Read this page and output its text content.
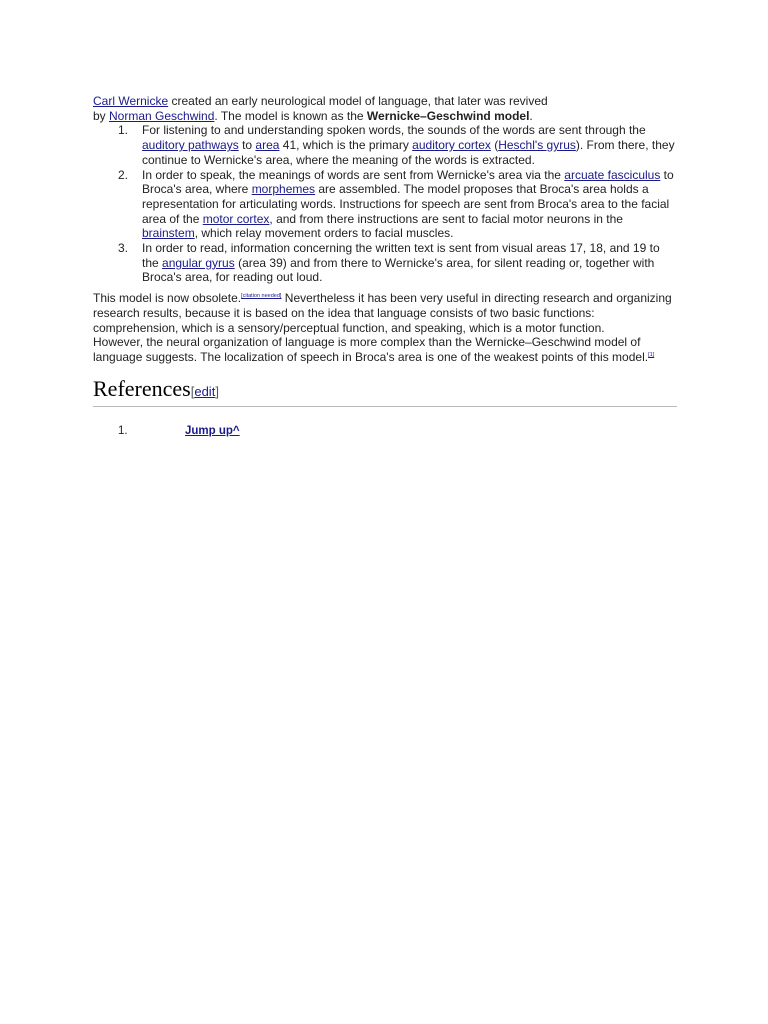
Carl Wernicke created an early neurological model of language, that later was revived
by Norman Geschwind. The model is known as the Wernicke–Geschwind model.

1. For listening to and understanding spoken words, the sounds of the words are sent through the auditory pathways to area 41, which is the primary auditory cortex (Heschl's gyrus). From there, they continue to Wernicke's area, where the meaning of the words is extracted.
2. In order to speak, the meanings of words are sent from Wernicke's area via the arcuate fasciculus to Broca's area, where morphemes are assembled. The model proposes that Broca's area holds a representation for articulating words. Instructions for speech are sent from Broca's area to the facial area of the motor cortex, and from there instructions are sent to facial motor neurons in the brainstem, which relay movement orders to facial muscles.
3. In order to read, information concerning the written text is sent from visual areas 17, 18, and 19 to the angular gyrus (area 39) and from there to Wernicke's area, for silent reading or, together with Broca's area, for reading out loud.

This model is now obsolete.[citation needed] Nevertheless it has been very useful in directing research and organizing research results, because it is based on the idea that language consists of two basic functions: comprehension, which is a sensory/perceptual function, and speaking, which is a motor function.
However, the neural organization of language is more complex than the Wernicke–Geschwind model of language suggests. The localization of speech in Broca's area is one of the weakest points of this model.[1]

References[edit]
1.	Jump up^
